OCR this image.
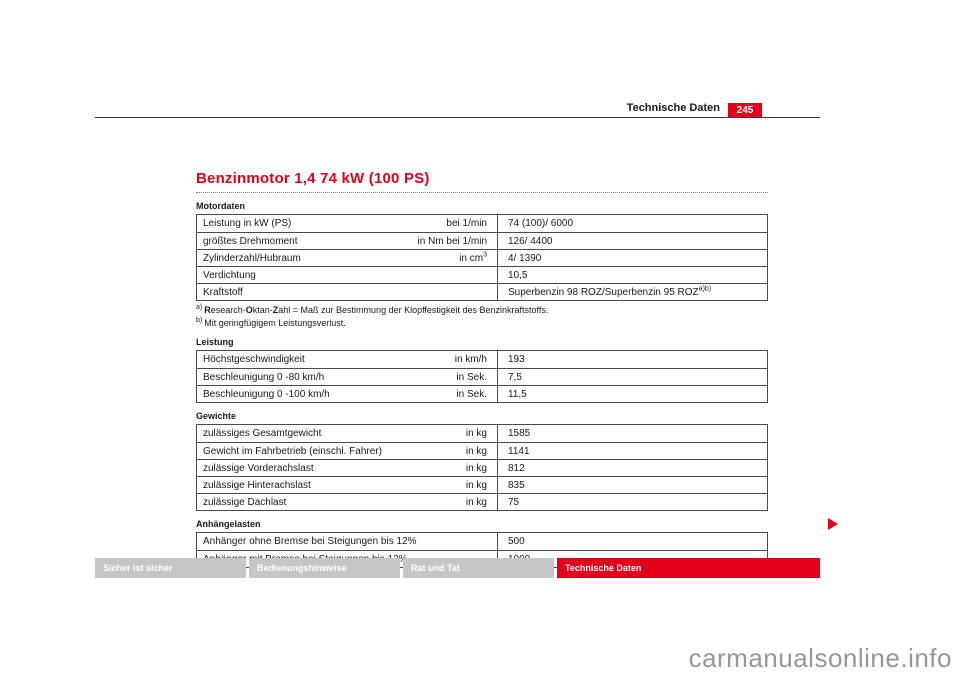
Technische Daten	245
Benzinmotor 1,4 74 kW (100 PS)
Motordaten
Leistung in kW (PS)	bei 1/min	74 (100)/ 6000
größtes Drehmoment	in Nm bei 1/min	126/ 4400
Zylinderzahl/Hubraum	in $cm^3$	4/ 1390
Verdichtung	10,5
Kraftstoff	Superbenzin 98 ROZ/Superbenzin 95 $ROZ^{a)b)}$
$^{a)}$ Research-Oktan-Zahl = Maß zur Bestimmung der Klopffestigkeit des Benzinkraftstoffs.
$^{b)}$ Mit geringfügigem Leistungsverlust.
Leistung
Höchstgeschwindigkeit	in km/h	193
Beschleunigung 0 -80 km/h	in Sek.	7,5
Beschleunigung 0 -100 km/h	in Sek.	11,5
Gewichte
zulässiges Gesamtgewicht	in kg	1585
Gewicht im Fahrbetrieb (einschl. Fahrer)	in kg	1141
zulässige Vorderachslast	in kg	812
zulässige Hinterachslast	in kg	835
zulässige Dachlast	in kg	75
Anhängelasten
Anhänger ohne Bremse bei Steigungen bis 12%	500
Sicher ist sicher	Bedienungshinweise	Rat und Tat	Technische Daten
carmanualsonline.info
